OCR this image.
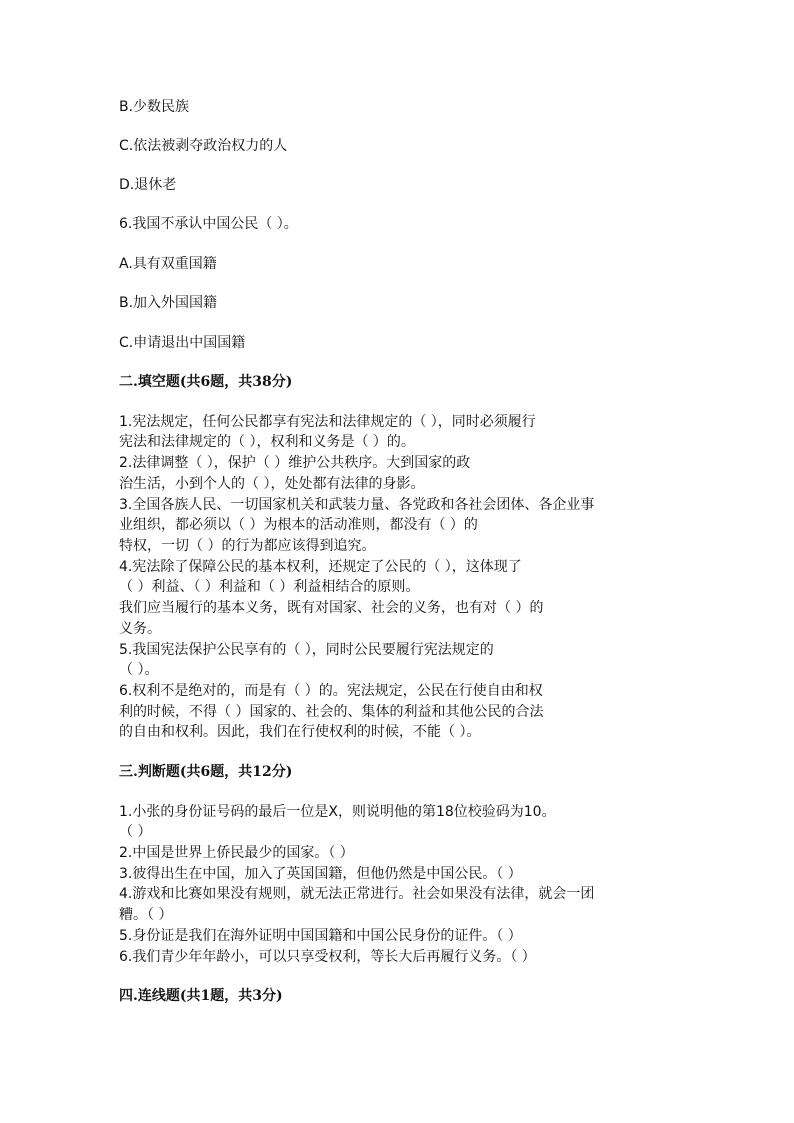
B.少数民族
C.依法被剥夺政治权力的人
D.退休老
6.我国不承认中国公民（ ）。
A.具有双重国籍
B.加入外国国籍
C.申请退出中国国籍
二.填空题(共6题，共38分)
1.宪法规定，任何公民都享有宪法和法律规定的（ ），同时必须履行
宪法和法律规定的（ ），权利和义务是（ ）的。
2.法律调整（ ），保护（ ）维护公共秩序。大到国家的政
治生活，小到个人的（ ），处处都有法律的身影。
3.全国各族人民、一切国家机关和武装力量、各党政和各社会团体、各企业事
业组织，都必须以（ ）为根本的活动准则，都没有（ ）的
特权，一切（ ）的行为都应该得到追究。
4.宪法除了保障公民的基本权利，还规定了公民的（ ），这体现了
（ ）利益、（ ）利益和（ ）利益相结合的原则。
我们应当履行的基本义务，既有对国家、社会的义务，也有对（ ）的
义务。
5.我国宪法保护公民享有的（ ），同时公民要履行宪法规定的
（ ）。
6.权利不是绝对的，而是有（ ）的。宪法规定，公民在行使自由和权
利的时候，不得（ ）国家的、社会的、集体的利益和其他公民的合法
的自由和权利。因此，我们在行使权利的时候，不能（ ）。
三.判断题(共6题，共12分)
1.小张的身份证号码的最后一位是X，则说明他的第18位校验码为10。
（ ）
2.中国是世界上侨民最少的国家。（ ）
3.彼得出生在中国，加入了英国国籍，但他仍然是中国公民。（ ）
4.游戏和比赛如果没有规则，就无法正常进行。社会如果没有法律，就会一团
糟。（ ）
5.身份证是我们在海外证明中国国籍和中国公民身份的证件。（ ）
6.我们青少年年龄小，可以只享受权利，等长大后再履行义务。（ ）
四.连线题(共1题，共3分)
